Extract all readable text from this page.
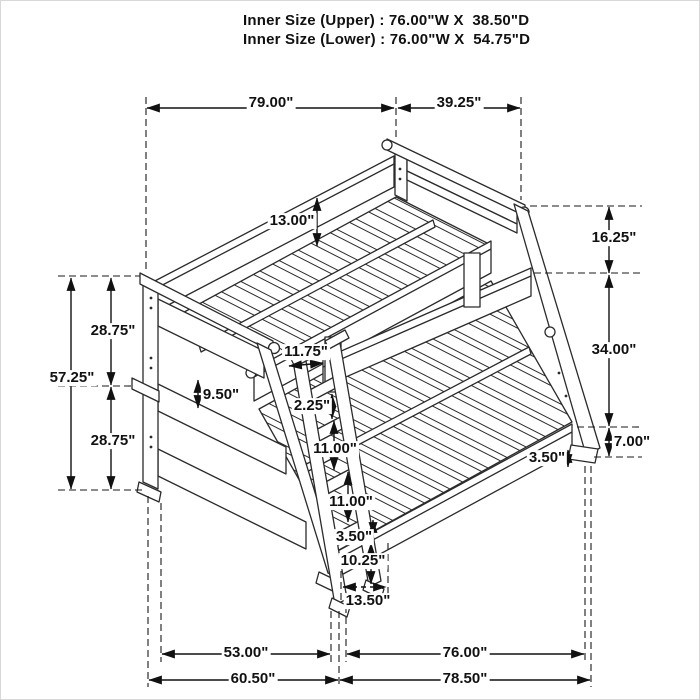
Inner Size (Upper) : 76.00"W X  38.50"D
Inner Size (Lower) : 76.00"W X  54.75"D
79.00"	39.25"
13.00"
16.25"
34.00"
7.00"
3.50"
57.25"
28.75"
28.75"
11.75"
9.50"
2.25"
11.00"
11.00"
3.50"
10.25"
13.50"
53.00"	76.00"
60.50"	78.50"
